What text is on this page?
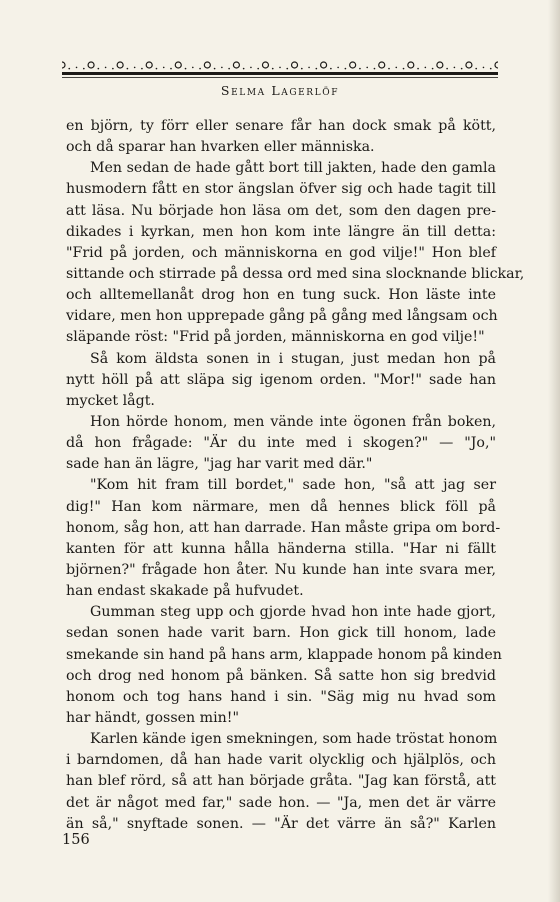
Selma Lagerlöf
en björn, ty förr eller senare får han dock smak på kött,
och då sparar han hvarken eller människa.
Men sedan de hade gått bort till jakten, hade den gamla
husmodern fått en stor ängslan öfver sig och hade tagit till
att läsa. Nu började hon läsa om det, som den dagen pre-
dikades i kyrkan, men hon kom inte längre än till detta:
"Frid på jorden, och människorna en god vilje!" Hon blef
sittande och stirrade på dessa ord med sina slocknande blickar,
och alltemellanåt drog hon en tung suck. Hon läste inte
vidare, men hon upprepade gång på gång med långsam och
släpande röst: "Frid på jorden, människorna en god vilje!"
Så kom äldsta sonen in i stugan, just medan hon på
nytt höll på att släpa sig igenom orden. "Mor!" sade han
mycket lågt.
Hon hörde honom, men vände inte ögonen från boken,
då hon frågade: "Är du inte med i skogen?" — "Jo,"
sade han än lägre, "jag har varit med där."
"Kom hit fram till bordet," sade hon, "så att jag ser
dig!" Han kom närmare, men då hennes blick föll på
honom, såg hon, att han darrade. Han måste gripa om bord-
kanten för att kunna hålla händerna stilla. "Har ni fällt
björnen?" frågade hon åter. Nu kunde han inte svara mer,
han endast skakade på hufvudet.
Gumman steg upp och gjorde hvad hon inte hade gjort,
sedan sonen hade varit barn. Hon gick till honom, lade
smekande sin hand på hans arm, klappade honom på kinden
och drog ned honom på bänken. Så satte hon sig bredvid
honom och tog hans hand i sin. "Säg mig nu hvad som
har händt, gossen min!"
Karlen kände igen smekningen, som hade tröstat honom
i barndomen, då han hade varit olycklig och hjälplös, och
han blef rörd, så att han började gråta. "Jag kan förstå, att
det är något med far," sade hon. — "Ja, men det är värre
än så," snyftade sonen. — "Är det värre än så?" Karlen
156
